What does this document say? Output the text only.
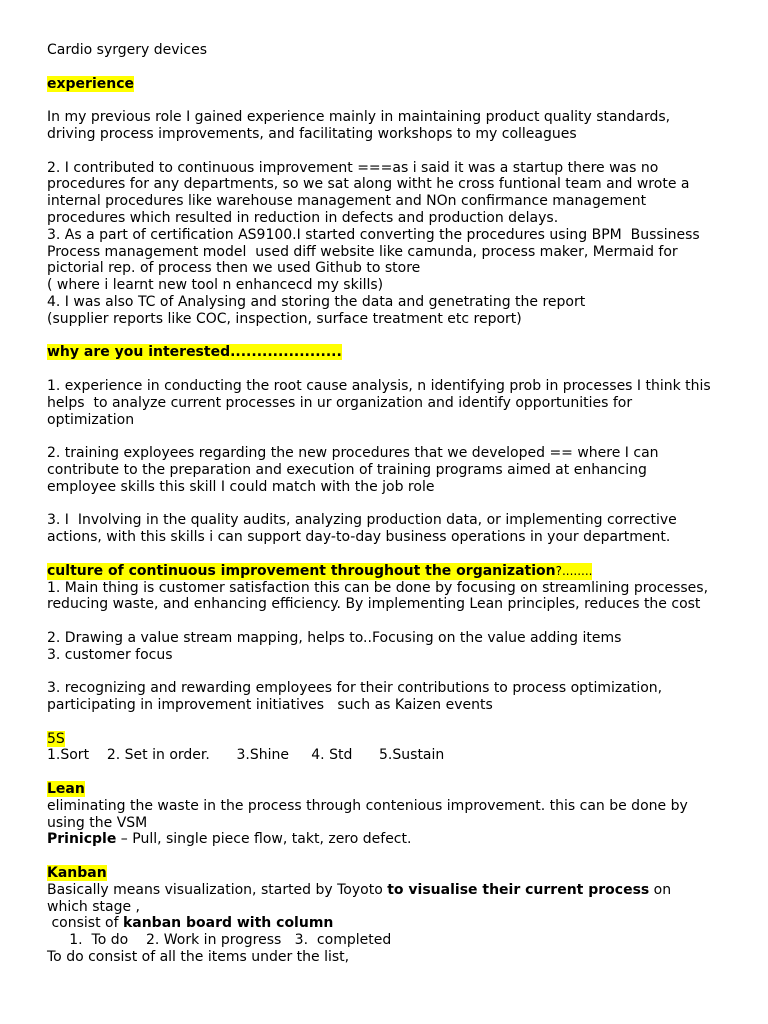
Cardio syrgery devices

experience

In my previous role I gained experience mainly in maintaining product quality standards,

driving process improvements, and facilitating workshops to my colleagues

2. I contributed to continuous improvement ===as i said it was a startup there was no

procedures for any departments, so we sat along witht he cross funtional team and wrote a

internal procedures like warehouse management and NOn confirmance management

procedures which resulted in reduction in defects and production delays.

3. As a part of certification AS9100.I started converting the procedures using BPM  Bussiness

Process management model  used diff website like camunda, process maker, Mermaid for

pictorial rep. of process then we used Github to store

( where i learnt new tool n enhancecd my skills)

4. I was also TC of Analysing and storing the data and genetrating the report

(supplier reports like COC, inspection, surface treatment etc report)

why are you interested.....................

1. experience in conducting the root cause analysis, n identifying prob in processes I think this

helps  to analyze current processes in ur organization and identify opportunities for

optimization

2. training exployees regarding the new procedures that we developed == where I can

contribute to the preparation and execution of training programs aimed at enhancing

employee skills this skill I could match with the job role

3. I  Involving in the quality audits, analyzing production data, or implementing corrective

actions, with this skills i can support day-to-day business operations in your department.

culture of continuous improvement throughout the organization?........

1. Main thing is customer satisfaction this can be done by focusing on streamlining processes,

reducing waste, and enhancing efficiency. By implementing Lean principles, reduces the cost

2. Drawing a value stream mapping, helps to..Focusing on the value adding items

3. customer focus

3. recognizing and rewarding employees for their contributions to process optimization,

participating in improvement initiatives   such as Kaizen events

5S

1.Sort    2. Set in order.      3.Shine     4. Std      5.Sustain

Lean

eliminating the waste in the process through contenious improvement. this can be done by

using the VSM

Prinicple – Pull, single piece flow, takt, zero defect.

Kanban

Basically means visualization, started by Toyoto to visualise their current process on

which stage ,

consist of kanban board with column

1.  To do    2. Work in progress   3.  completed

To do consist of all the items under the list,
